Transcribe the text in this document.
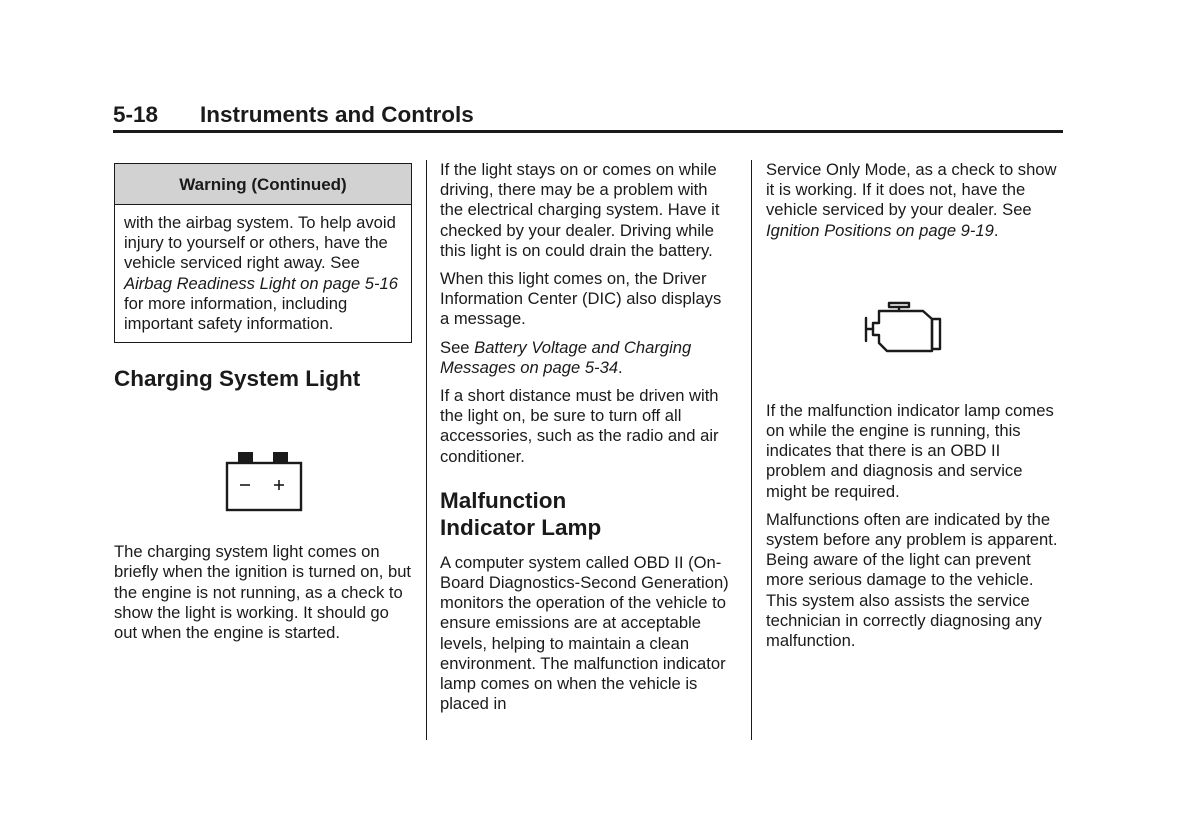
5-18 Instruments and Controls
Warning (Continued)
with the airbag system. To help avoid injury to yourself or others, have the vehicle serviced right away. See Airbag Readiness Light on page 5-16 for more information, including important safety information.
Charging System Light

The charging system light comes on briefly when the ignition is turned on, but the engine is not running, as a check to show the light is working. It should go out when the engine is started.

If the light stays on or comes on while driving, there may be a problem with the electrical charging system. Have it checked by your dealer. Driving while this light is on could drain the battery.

When this light comes on, the Driver Information Center (DIC) also displays a message.

See Battery Voltage and Charging Messages on page 5-34.

If a short distance must be driven with the light on, be sure to turn off all accessories, such as the radio and air conditioner.

Malfunction
Indicator Lamp

A computer system called OBD II (On-Board Diagnostics-Second Generation) monitors the operation of the vehicle to ensure emissions are at acceptable levels, helping to maintain a clean environment. The malfunction indicator lamp comes on when the vehicle is placed in

Service Only Mode, as a check to show it is working. If it does not, have the vehicle serviced by your dealer. See Ignition Positions on page 9-19.

If the malfunction indicator lamp comes on while the engine is running, this indicates that there is an OBD II problem and diagnosis and service might be required.

Malfunctions often are indicated by the system before any problem is apparent. Being aware of the light can prevent more serious damage to the vehicle. This system also assists the service technician in correctly diagnosing any malfunction.
